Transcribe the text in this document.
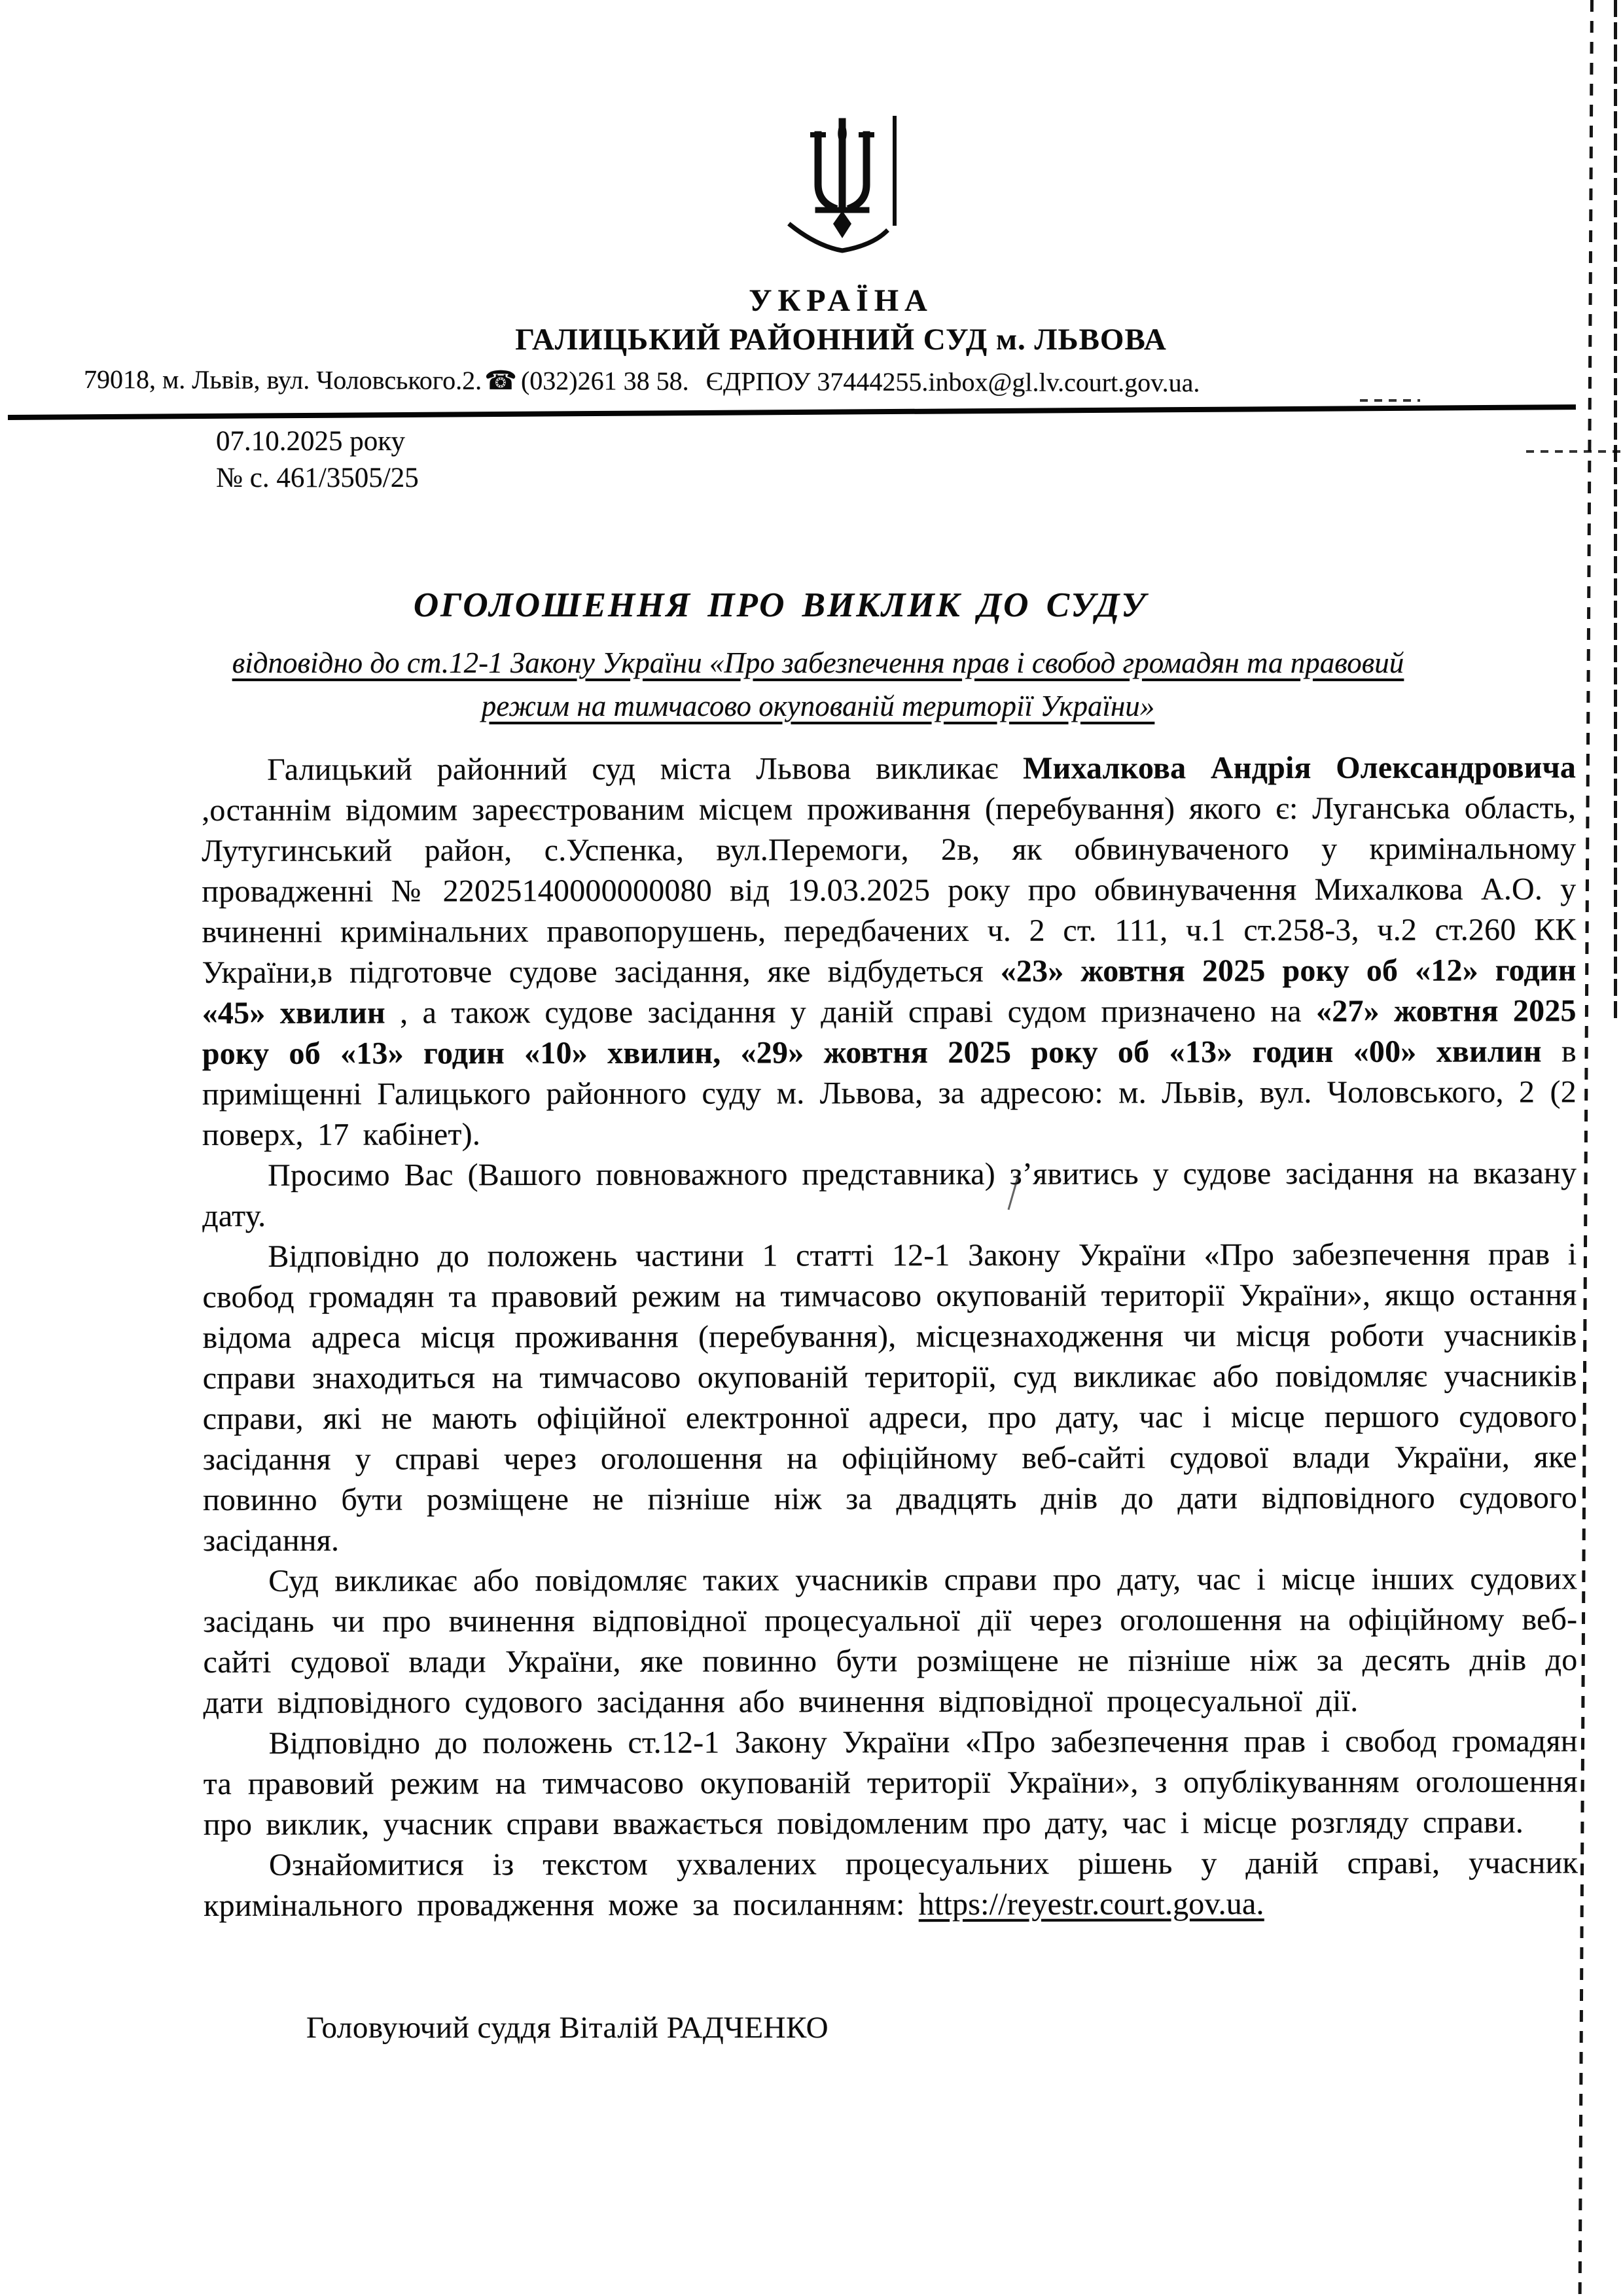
УКРАЇНА
ГАЛИЦЬКИЙ РАЙОННИЙ СУД м. ЛЬВОВА
79018, м. Львів, вул. Чоловського.2.☎ (032)261 38 58. ЄДРПОУ 37444255.inbox@gl.lv.court.gov.ua.
07.10.2025 року
№ с. 461/3505/25
ОГОЛОШЕННЯ ПРО ВИКЛИК ДО СУДУ
відповідно до ст.12-1 Закону України «Про забезпечення прав і свобод громадян та правовий режим на тимчасово окупованій території України»

Галицький районний суд міста Львова викликає Михалкова Андрія Олександровича ,останнім відомим зареєстрованим місцем проживання (перебування) якого є: Луганська область, Лутугинський район, с.Успенка, вул.Перемоги, 2в, як обвинуваченого у кримінальному провадженні № 22025140000000080 від 19.03.2025 року про обвинувачення Михалкова А.О. у вчиненні кримінальних правопорушень, передбачених ч. 2 ст. 111, ч.1 ст.258-3, ч.2 ст.260 КК України,в підготовче судове засідання, яке відбудеться «23» жовтня 2025 року об «12» годин «45» хвилин , а також судове засідання у даній справі судом призначено на «27» жовтня 2025 року об «13» годин «10» хвилин, «29» жовтня 2025 року об «13» годин «00» хвилин в приміщенні Галицького районного суду м. Львова, за адресою: м. Львів, вул. Чоловського, 2 (2 поверх, 17 кабінет).

Просимо Вас (Вашого повноважного представника) з’явитись у судове засідання на вказану дату.

Відповідно до положень частини 1 статті 12-1 Закону України «Про забезпечення прав і свобод громадян та правовий режим на тимчасово окупованій території України», якщо остання відома адреса місця проживання (перебування), місцезнаходження чи місця роботи учасників справи знаходиться на тимчасово окупованій території, суд викликає або повідомляє учасників справи, які не мають офіційної електронної адреси, про дату, час і місце першого судового засідання у справі через оголошення на офіційному веб-сайті судової влади України, яке повинно бути розміщене не пізніше ніж за двадцять днів до дати відповідного судового засідання.

Суд викликає або повідомляє таких учасників справи про дату, час і місце інших судових засідань чи про вчинення відповідної процесуальної дії через оголошення на офіційному веб-сайті судової влади України, яке повинно бути розміщене не пізніше ніж за десять днів до дати відповідного судового засідання або вчинення відповідної процесуальної дії.

Відповідно до положень ст.12-1 Закону України «Про забезпечення прав і свобод громадян та правовий режим на тимчасово окупованій території України», з опублікуванням оголошення про виклик, учасник справи вважається повідомленим про дату, час і місце розгляду справи.

Ознайомитися із текстом ухвалених процесуальних рішень у даній справі, учасник кримінального провадження може за посиланням: https://reyestr.court.gov.ua.

Головуючий суддя Віталій РАДЧЕНКО
